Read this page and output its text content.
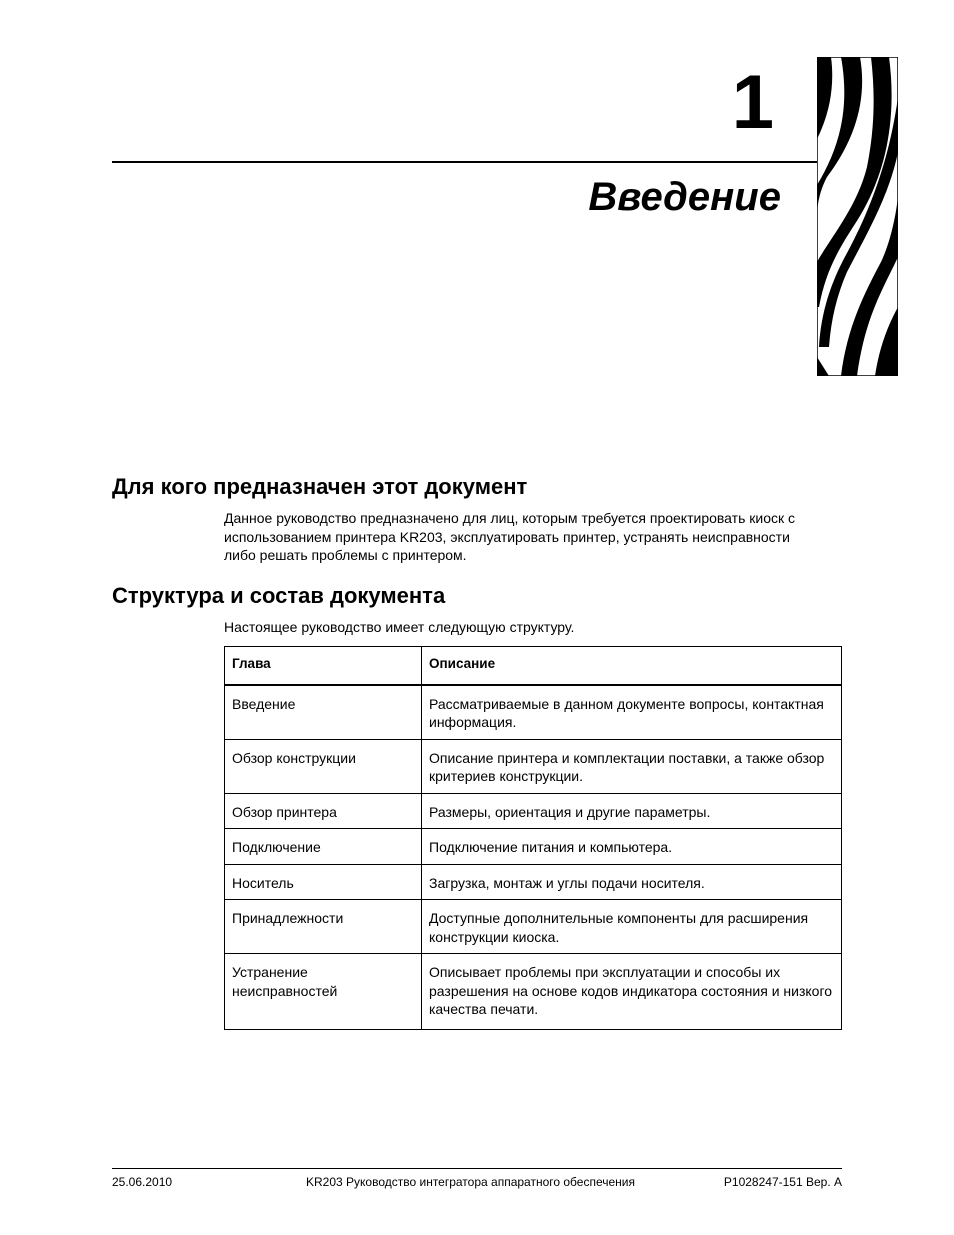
1
Введение
Для кого предназначен этот документ
Данное руководство предназначено для лиц, которым требуется проектировать киоск с использованием принтера KR203, эксплуатировать принтер, устранять неисправности либо решать проблемы с принтером.
Структура и состав документа
Настоящее руководство имеет следующую структуру.
Глава	Описание
Введение	Рассматриваемые в данном документе вопросы, контактная информация.
Обзор конструкции	Описание принтера и комплектации поставки, а также обзор критериев конструкции.
Обзор принтера	Размеры, ориентация и другие параметры.
Подключение	Подключение питания и компьютера.
Носитель	Загрузка, монтаж и углы подачи носителя.
Принадлежности	Доступные дополнительные компоненты для расширения конструкции киоска.
Устранение неисправностей	Описывает проблемы при эксплуатации и способы их разрешения на основе кодов индикатора состояния и низкого качества печати.
25.06.2010	KR203 Руководство интегратора аппаратного обеспечения	P1028247-151 Вер. А
